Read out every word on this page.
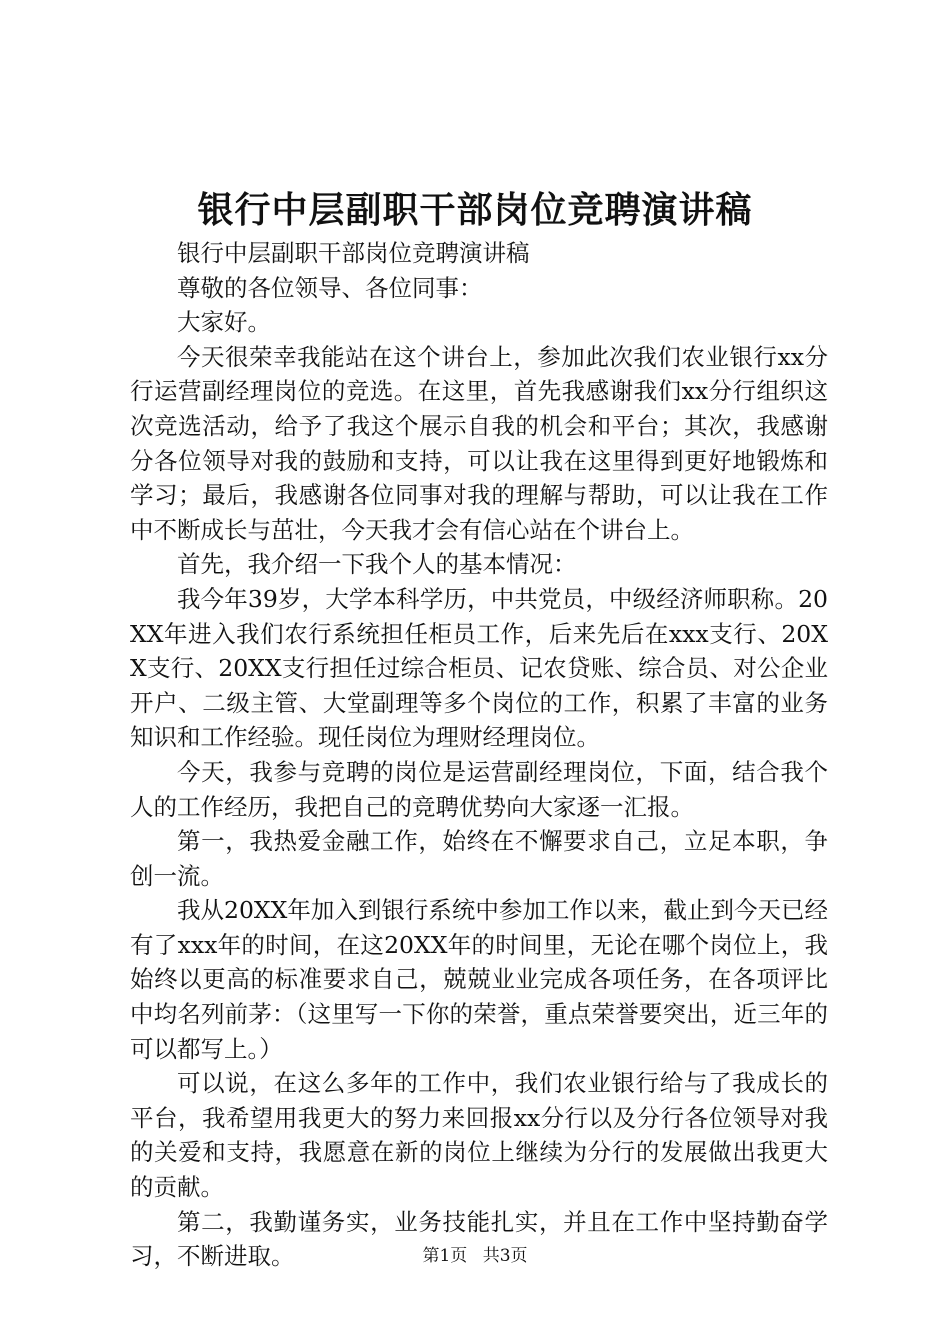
银行中层副职干部岗位竞聘演讲稿

银行中层副职干部岗位竞聘演讲稿

尊敬的各位领导、各位同事：

大家好。

今天很荣幸我能站在这个讲台上，参加此次我们农业银行xx分行运营副经理岗位的竞选。在这里，首先我感谢我们xx分行组织这次竞选活动，给予了我这个展示自我的机会和平台；其次，我感谢分各位领导对我的鼓励和支持，可以让我在这里得到更好地锻炼和学习；最后，我感谢各位同事对我的理解与帮助，可以让我在工作中不断成长与茁壮，今天我才会有信心站在个讲台上。

首先，我介绍一下我个人的基本情况：

我今年39岁，大学本科学历，中共党员，中级经济师职称。20XX年进入我们农行系统担任柜员工作，后来先后在xxx支行、20XX支行、20XX支行担任过综合柜员、记农贷账、综合员、对公企业开户、二级主管、大堂副理等多个岗位的工作，积累了丰富的业务知识和工作经验。现任岗位为理财经理岗位。

今天，我参与竞聘的岗位是运营副经理岗位，下面，结合我个人的工作经历，我把自己的竞聘优势向大家逐一汇报。

第一，我热爱金融工作，始终在不懈要求自己，立足本职，争创一流。

我从20XX年加入到银行系统中参加工作以来，截止到今天已经有了xxx年的时间，在这20XX年的时间里，无论在哪个岗位上，我始终以更高的标准要求自己，兢兢业业完成各项任务，在各项评比中均名列前茅：（这里写一下你的荣誉，重点荣誉要突出，近三年的可以都写上。）

可以说，在这么多年的工作中，我们农业银行给与了我成长的平台，我希望用我更大的努力来回报xx分行以及分行各位领导对我的关爱和支持，我愿意在新的岗位上继续为分行的发展做出我更大的贡献。

第二，我勤谨务实，业务技能扎实，并且在工作中坚持勤奋学习，不断进取。	第1页 共3页
